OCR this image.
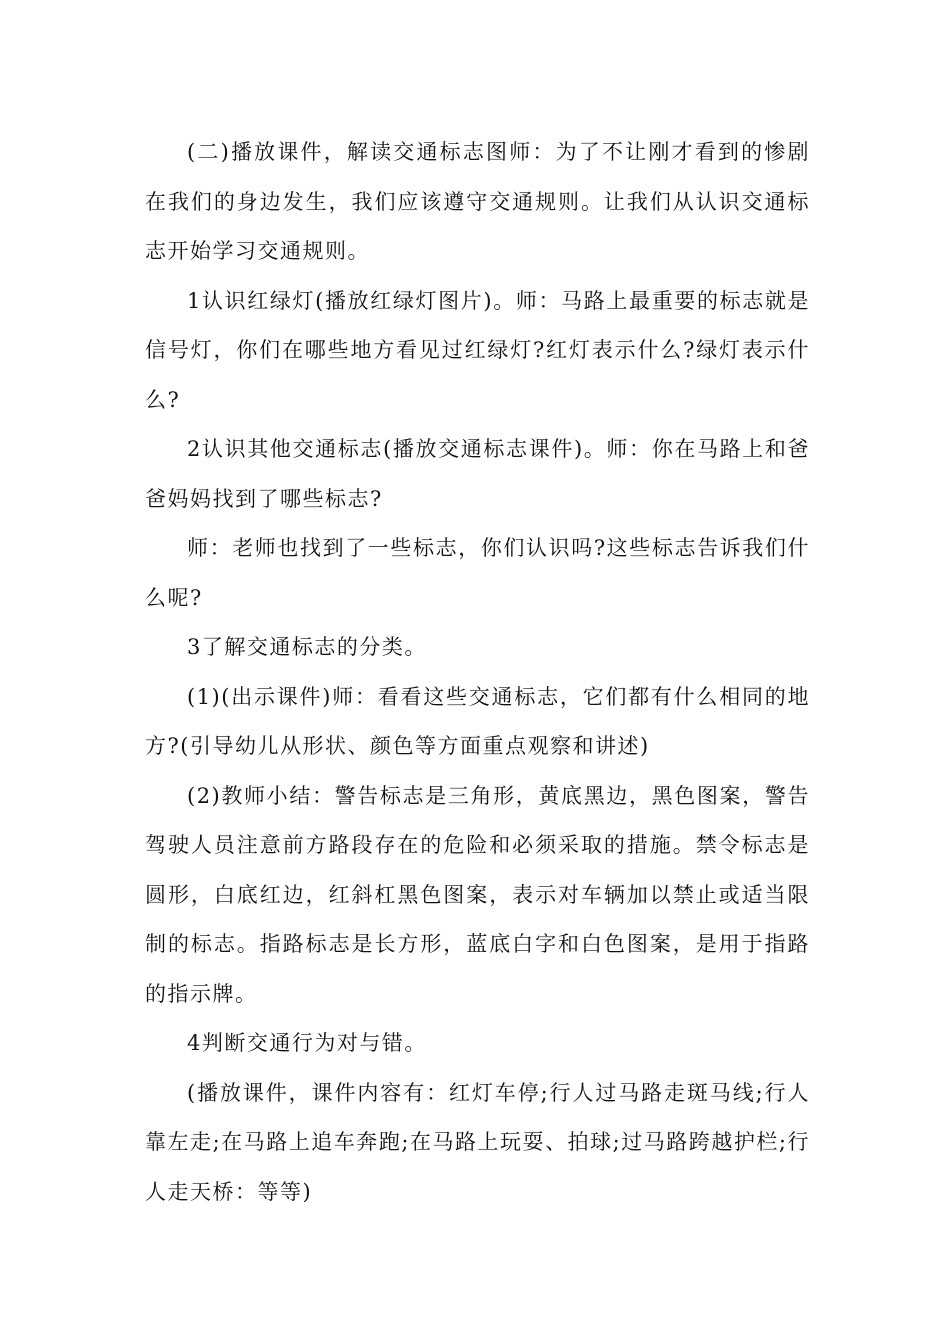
(二)播放课件，解读交通标志图师：为了不让刚才看到的惨剧在我们的身边发生，我们应该遵守交通规则。让我们从认识交通标志开始学习交通规则。

1认识红绿灯(播放红绿灯图片)。师：马路上最重要的标志就是信号灯，你们在哪些地方看见过红绿灯?红灯表示什么?绿灯表示什么?

2认识其他交通标志(播放交通标志课件)。师：你在马路上和爸爸妈妈找到了哪些标志?

师：老师也找到了一些标志，你们认识吗?这些标志告诉我们什么呢?

3了解交通标志的分类。

(1)(出示课件)师：看看这些交通标志，它们都有什么相同的地方?(引导幼儿从形状、颜色等方面重点观察和讲述)

(2)教师小结：警告标志是三角形，黄底黑边，黑色图案，警告驾驶人员注意前方路段存在的危险和必须采取的措施。禁令标志是圆形，白底红边，红斜杠黑色图案，表示对车辆加以禁止或适当限制的标志。指路标志是长方形，蓝底白字和白色图案，是用于指路的指示牌。

4判断交通行为对与错。

(播放课件，课件内容有：红灯车停;行人过马路走斑马线;行人靠左走;在马路上追车奔跑;在马路上玩耍、拍球;过马路跨越护栏;行人走天桥：等等)
